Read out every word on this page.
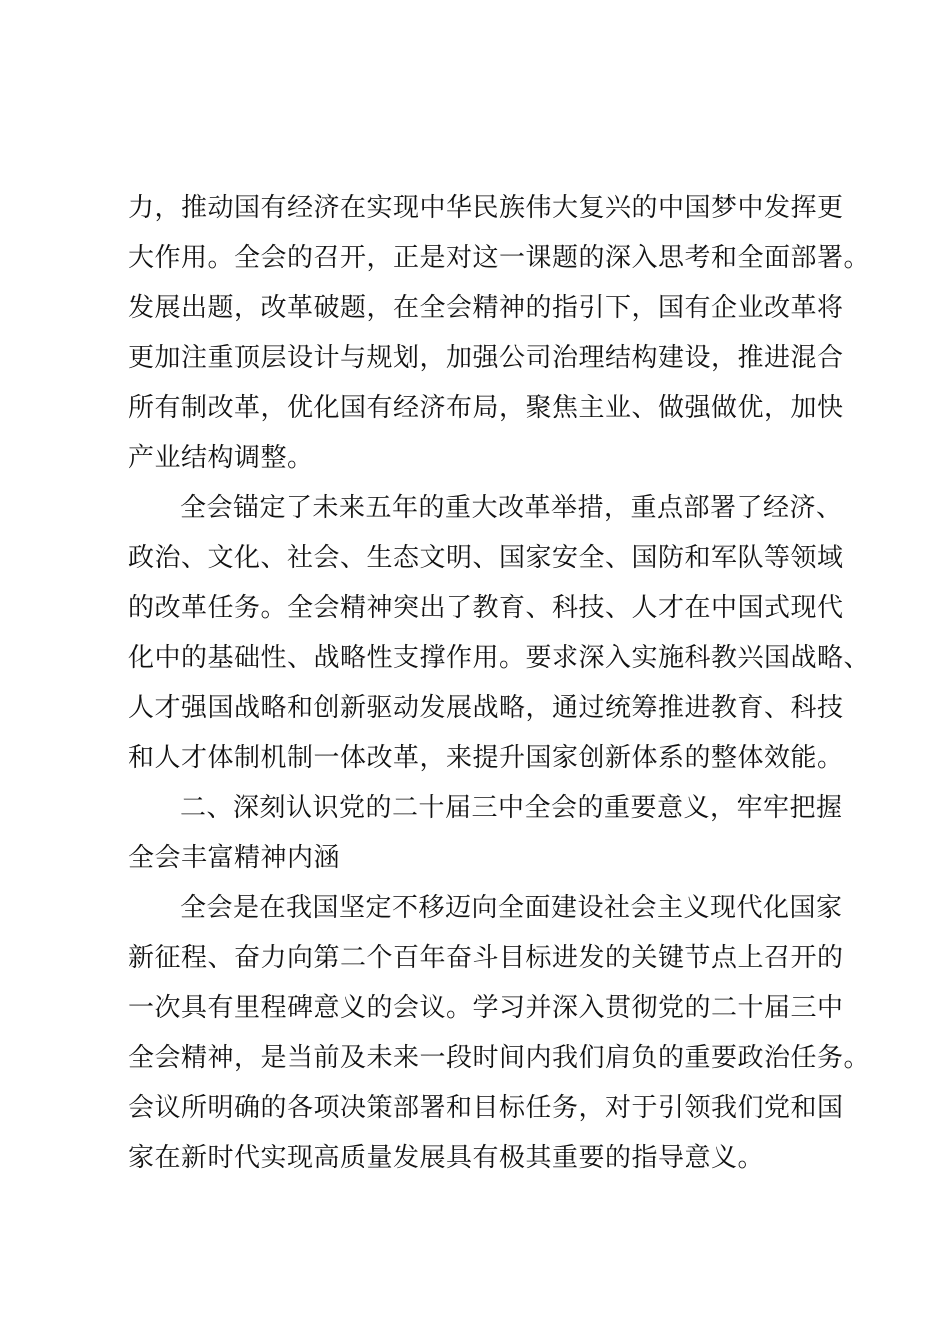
力，推动国有经济在实现中华民族伟大复兴的中国梦中发挥更
大作用。全会的召开，正是对这一课题的深入思考和全面部署。
发展出题，改革破题，在全会精神的指引下，国有企业改革将
更加注重顶层设计与规划，加强公司治理结构建设，推进混合
所有制改革，优化国有经济布局，聚焦主业、做强做优，加快
产业结构调整。
全会锚定了未来五年的重大改革举措，重点部署了经济、
政治、文化、社会、生态文明、国家安全、国防和军队等领域
的改革任务。全会精神突出了教育、科技、人才在中国式现代
化中的基础性、战略性支撑作用。要求深入实施科教兴国战略、
人才强国战略和创新驱动发展战略，通过统筹推进教育、科技
和人才体制机制一体改革，来提升国家创新体系的整体效能。
二、深刻认识党的二十届三中全会的重要意义，牢牢把握
全会丰富精神内涵
全会是在我国坚定不移迈向全面建设社会主义现代化国家
新征程、奋力向第二个百年奋斗目标进发的关键节点上召开的
一次具有里程碑意义的会议。学习并深入贯彻党的二十届三中
全会精神，是当前及未来一段时间内我们肩负的重要政治任务。
会议所明确的各项决策部署和目标任务，对于引领我们党和国
家在新时代实现高质量发展具有极其重要的指导意义。
